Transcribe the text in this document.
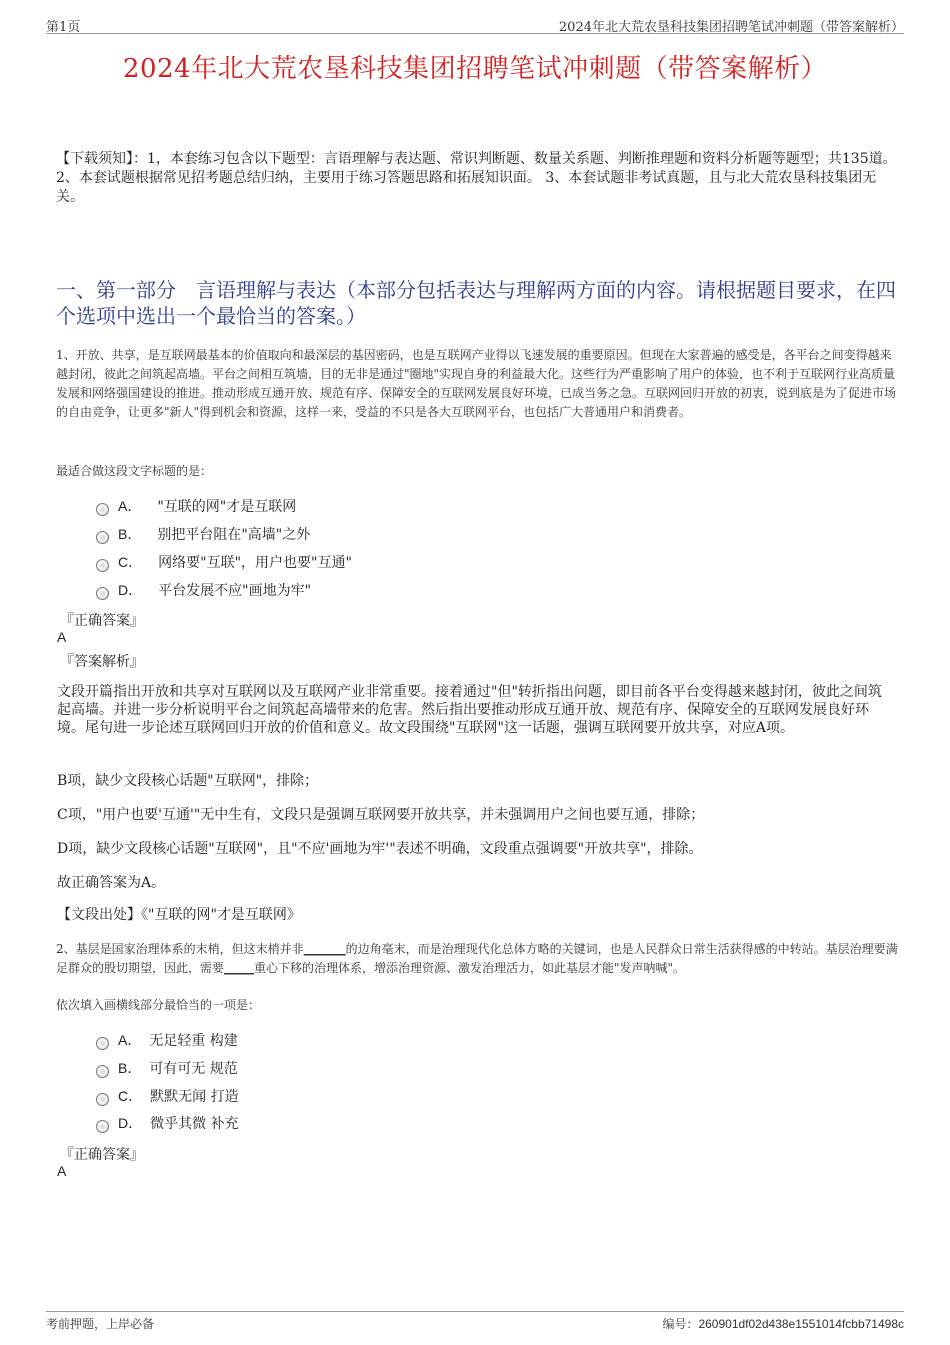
第1页	2024年北大荒农垦科技集团招聘笔试冲刺题（带答案解析）
2024年北大荒农垦科技集团招聘笔试冲刺题（带答案解析）
【下载须知】：1，本套练习包含以下题型：言语理解与表达题、常识判断题、数量关系题、判断推理题和资料分析题等题型；共135道。 2、本套试题根据常见招考题总结归纳，主要用于练习答题思路和拓展知识面。 3、本套试题非考试真题，且与北大荒农垦科技集团无关。
一、第一部分　言语理解与表达（本部分包括表达与理解两方面的内容。请根据题目要求，在四个选项中选出一个最恰当的答案。）
1、开放、共享，是互联网最基本的价值取向和最深层的基因密码，也是互联网产业得以飞速发展的重要原因。但现在大家普遍的感受是，各平台之间变得越来越封闭，彼此之间筑起高墙。平台之间相互筑墙，目的无非是通过"圈地"实现自身的利益最大化。这些行为严重影响了用户的体验，也不利于互联网行业高质量发展和网络强国建设的推进。推动形成互通开放、规范有序、保障安全的互联网发展良好环境，已成当务之急。互联网回归开放的初衷，说到底是为了促进市场的自由竞争，让更多"新人"得到机会和资源，这样一来，受益的不只是各大互联网平台，也包括广大普通用户和消费者。
最适合做这段文字标题的是：
A． "互联的网"才是互联网
B． 别把平台阻在"高墙"之外
C． 网络要"互联"，用户也要"互通"
D． 平台发展不应"画地为牢"
『正确答案』
A
『答案解析』
文段开篇指出开放和共享对互联网以及互联网产业非常重要。接着通过"但"转折指出问题，即目前各平台变得越来越封闭，彼此之间筑起高墙。并进一步分析说明平台之间筑起高墙带来的危害。然后指出要推动形成互通开放、规范有序、保障安全的互联网发展良好环境。尾句进一步论述互联网回归开放的价值和意义。故文段围绕"互联网"这一话题，强调互联网要开放共享，对应A项。
B项，缺少文段核心话题"互联网"，排除；
C项，"用户也要'互通'"无中生有，文段只是强调互联网要开放共享，并未强调用户之间也要互通，排除；
D项，缺少文段核心话题"互联网"，且"不应'画地为牢'"表述不明确，文段重点强调要"开放共享"，排除。
故正确答案为A。
【文段出处】《"互联的网"才是互联网》
2、基层是国家治理体系的末梢，但这末梢并非_______的边角毫末，而是治理现代化总体方略的关键词，也是人民群众日常生活获得感的中转站。基层治理要满足群众的殷切期望，因此，需要_____重心下移的治理体系，增添治理资源、激发治理活力，如此基层才能"发声呐喊"。
依次填入画横线部分最恰当的一项是：
A． 无足轻重 构建
B． 可有可无 规范
C． 默默无闻 打造
D． 微乎其微 补充
『正确答案』
A
考前押题，上岸必备	编号：260901df02d438e1551014fcbb71498c
